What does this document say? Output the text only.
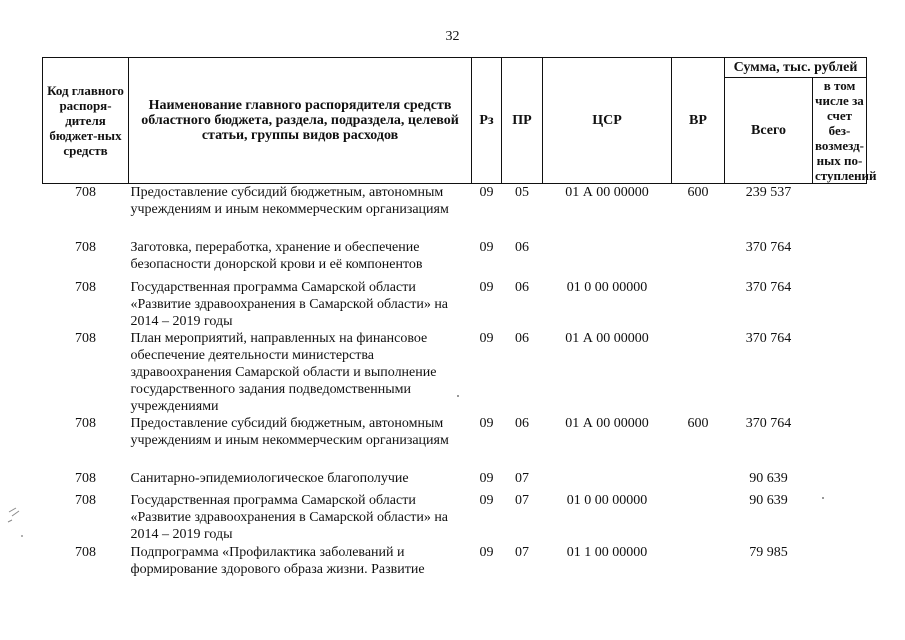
32
Код главного распоря-дителя бюджет-ных средств	Наименование главного распорядителя средств областного бюджета, раздела, подраздела, целевой статьи, группы видов расходов	Рз	ПР	ЦСР	ВР	Сумма, тыс. рублей	
						Всего	в том числе за счет без-возмезд-ных по-ступлений
708	Предоставление субсидий бюджетным, автономным учреждениям и иным некоммерческим организациям	09	05	01 А 00 00000	600	239 537	
708	Заготовка, переработка, хранение и обеспечение безопасности донорской крови и её компонентов	09	06			370 764	
708	Государственная программа Самарской области «Развитие здравоохранения в Самарской области» на 2014 – 2019 годы	09	06	01 0 00 00000		370 764	
708	План мероприятий, направленных на финансовое обеспечение деятельности министерства здравоохранения Самарской области и выполнение государственного задания подведомственными учреждениями	09	06	01 А 00 00000		370 764	
708	Предоставление субсидий бюджетным, автономным учреждениям и иным некоммерческим организациям	09	06	01 А 00 00000	600	370 764	
708	Санитарно-эпидемиологическое благополучие	09	07			90 639	
708	Государственная программа Самарской области «Развитие здравоохранения в Самарской области» на 2014 – 2019 годы	09	07	01 0 00 00000		90 639	
708	Подпрограмма «Профилактика заболеваний и формирование здорового образа жизни. Развитие	09	07	01 1 00 00000		79 985	
